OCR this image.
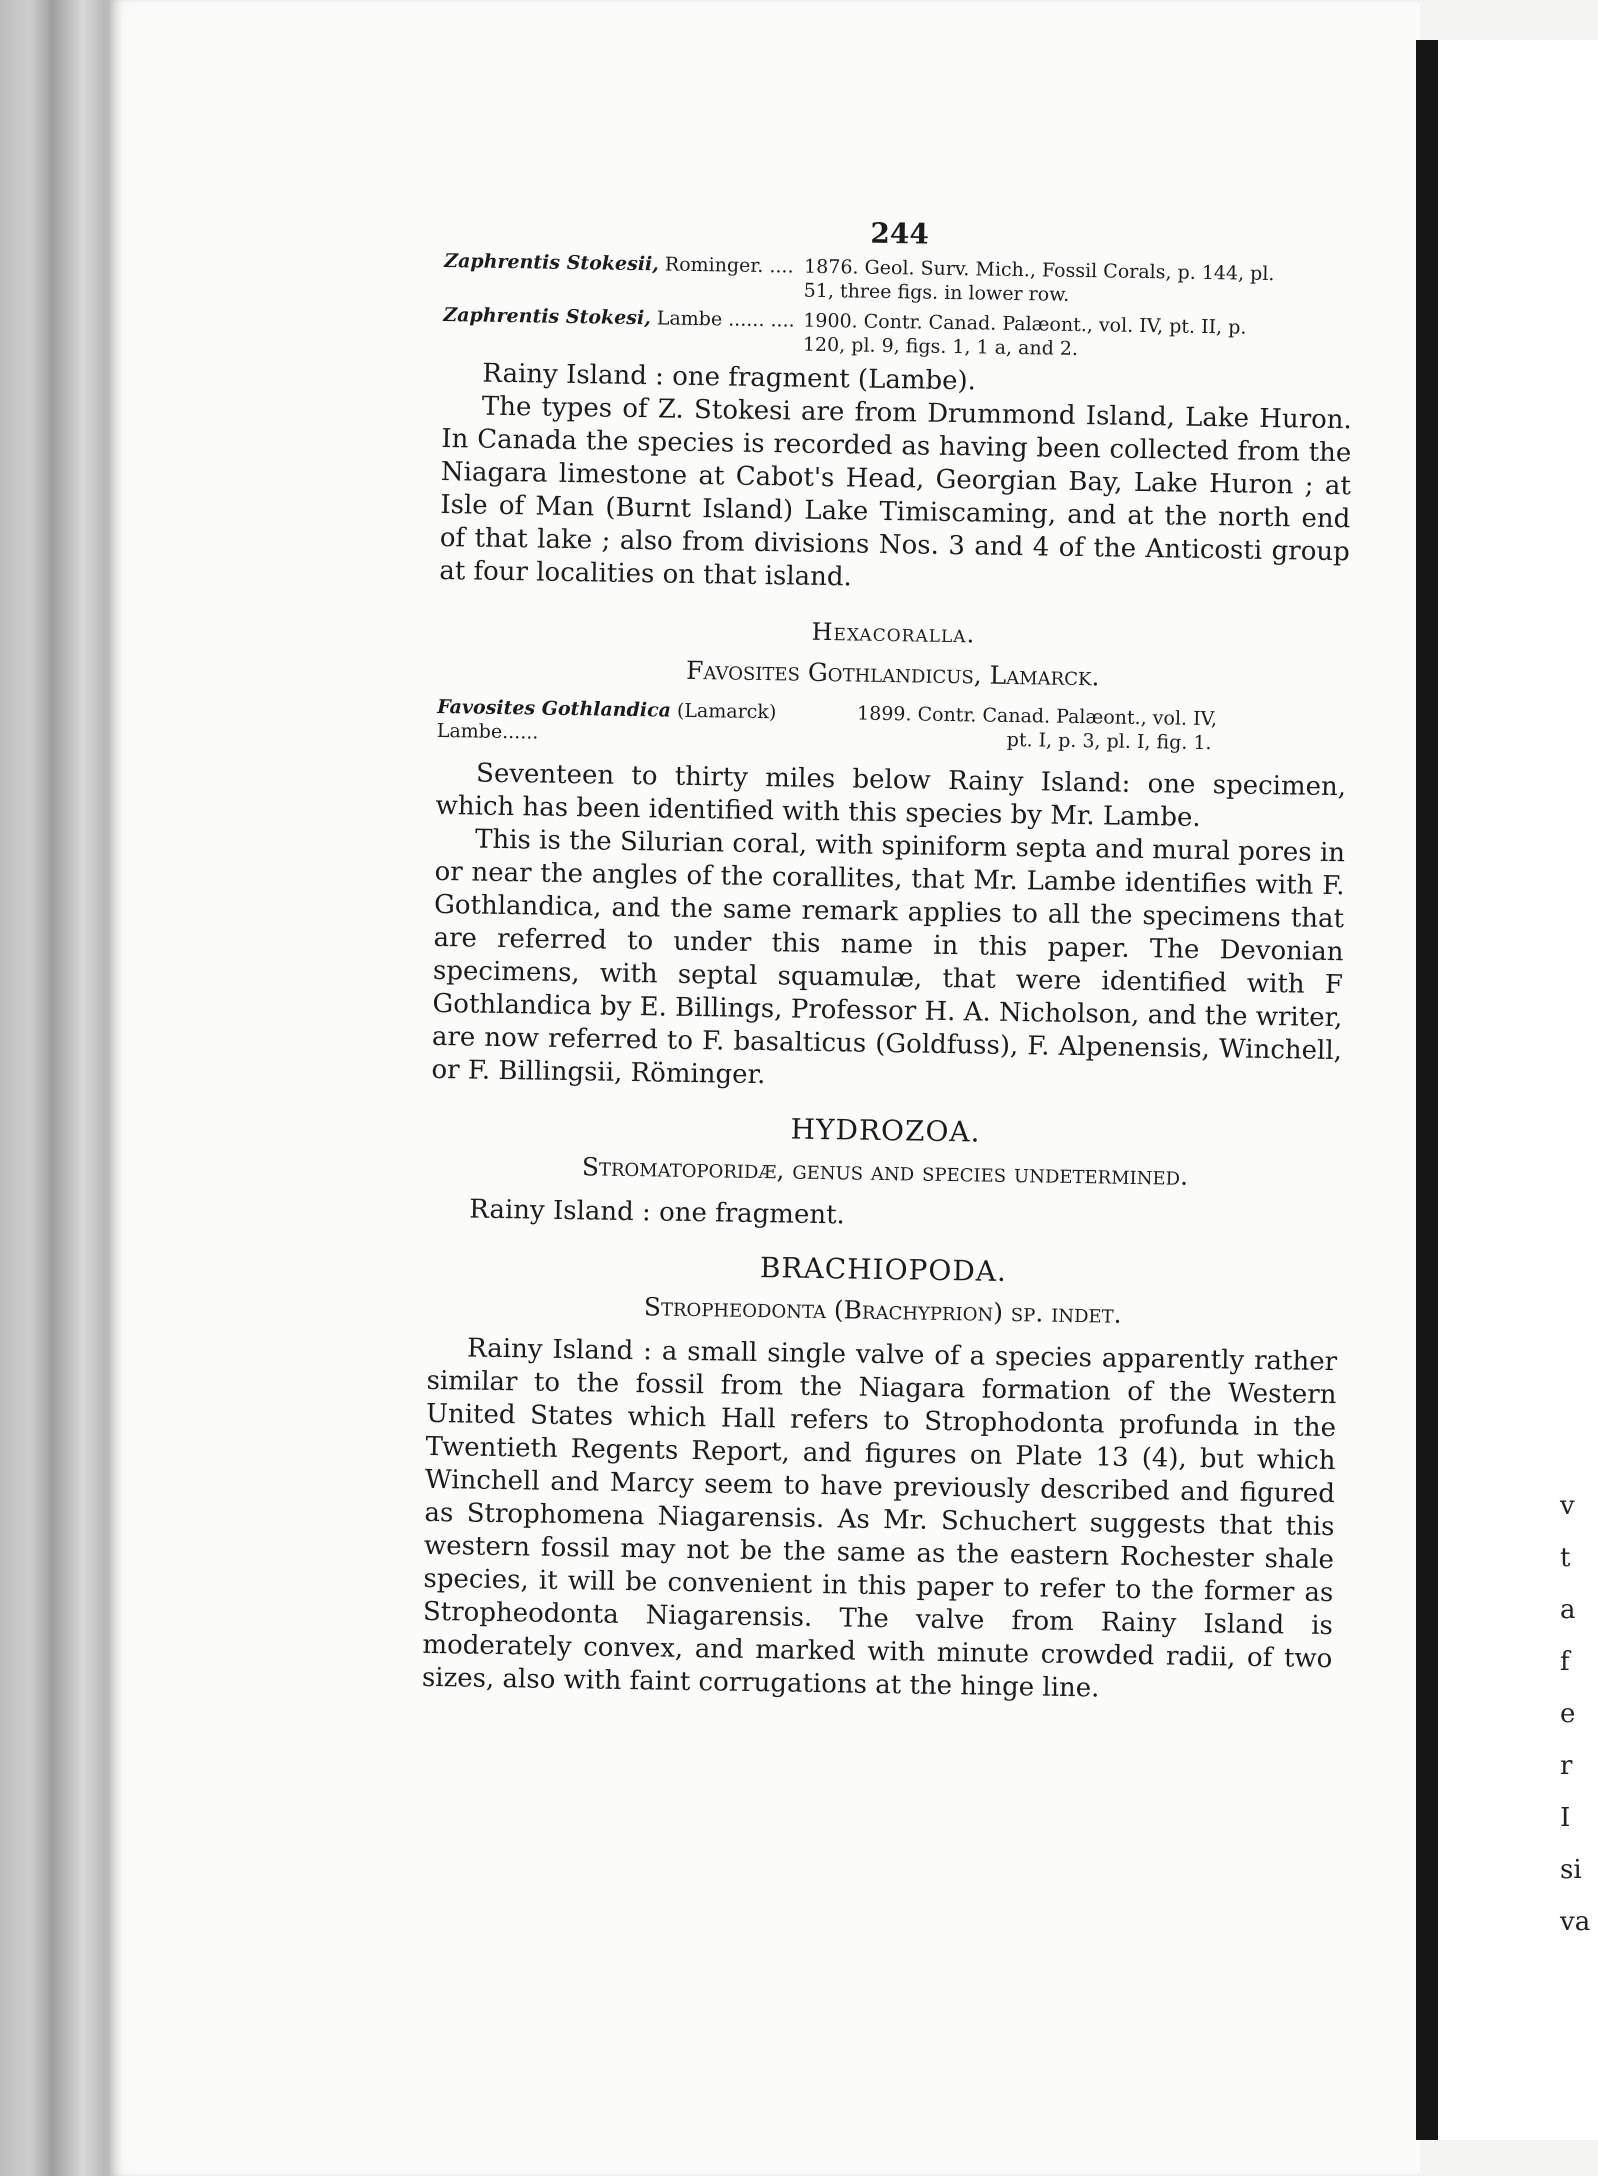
v
t
a
f
e
r
I
si
va
244
Zaphrentis Stokesii, Rominger. .... 1876. Geol. Surv. Mich., Fossil Corals, p. 144, pl.
51, three figs. in lower row.
Zaphrentis Stokesi, Lambe ...... .... 1900. Contr. Canad. Palæont., vol. IV, pt. II, p.
120, pl. 9, figs. 1, 1 a, and 2.

Rainy Island : one fragment (Lambe).

The types of Z. Stokesi are from Drummond Island, Lake Huron. In Canada the species is recorded as having been collected from the Niagara limestone at Cabot's Head, Georgian Bay, Lake Huron ; at Isle of Man (Burnt Island) Lake Timiscaming, and at the north end of that lake ; also from divisions Nos. 3 and 4 of the Anticosti group at four localities on that island.

Hexacoralla.
Favosites Gothlandicus, Lamarck.
Favosites Gothlandica (Lamarck) Lambe......
1899. Contr. Canad. Palæont., vol. IV,
pt. I, p. 3, pl. I, fig. 1.

Seventeen to thirty miles below Rainy Island: one specimen, which has been identified with this species by Mr. Lambe.

This is the Silurian coral, with spiniform septa and mural pores in or near the angles of the corallites, that Mr. Lambe identifies with F. Gothlandica, and the same remark applies to all the specimens that are referred to under this name in this paper. The Devonian specimens, with septal squamulæ, that were identified with F Gothlandica by E. Billings, Professor H. A. Nicholson, and the writer, are now referred to F. basalticus (Goldfuss), F. Alpenensis, Winchell, or F. Billingsii, Röminger.

HYDROZOA.
Stromatoporidæ, genus and species undetermined.

Rainy Island : one fragment.

BRACHIOPODA.
Stropheodonta (Brachyprion) sp. indet.

Rainy Island : a small single valve of a species apparently rather similar to the fossil from the Niagara formation of the Western United States which Hall refers to Strophodonta profunda in the Twentieth Regents Report, and figures on Plate 13 (4), but which Winchell and Marcy seem to have previously described and figured as Strophomena Niagarensis. As Mr. Schuchert suggests that this western fossil may not be the same as the eastern Rochester shale species, it will be convenient in this paper to refer to the former as Stropheodonta Niagarensis. The valve from Rainy Island is moderately convex, and marked with minute crowded radii, of two sizes, also with faint corrugations at the hinge line.
